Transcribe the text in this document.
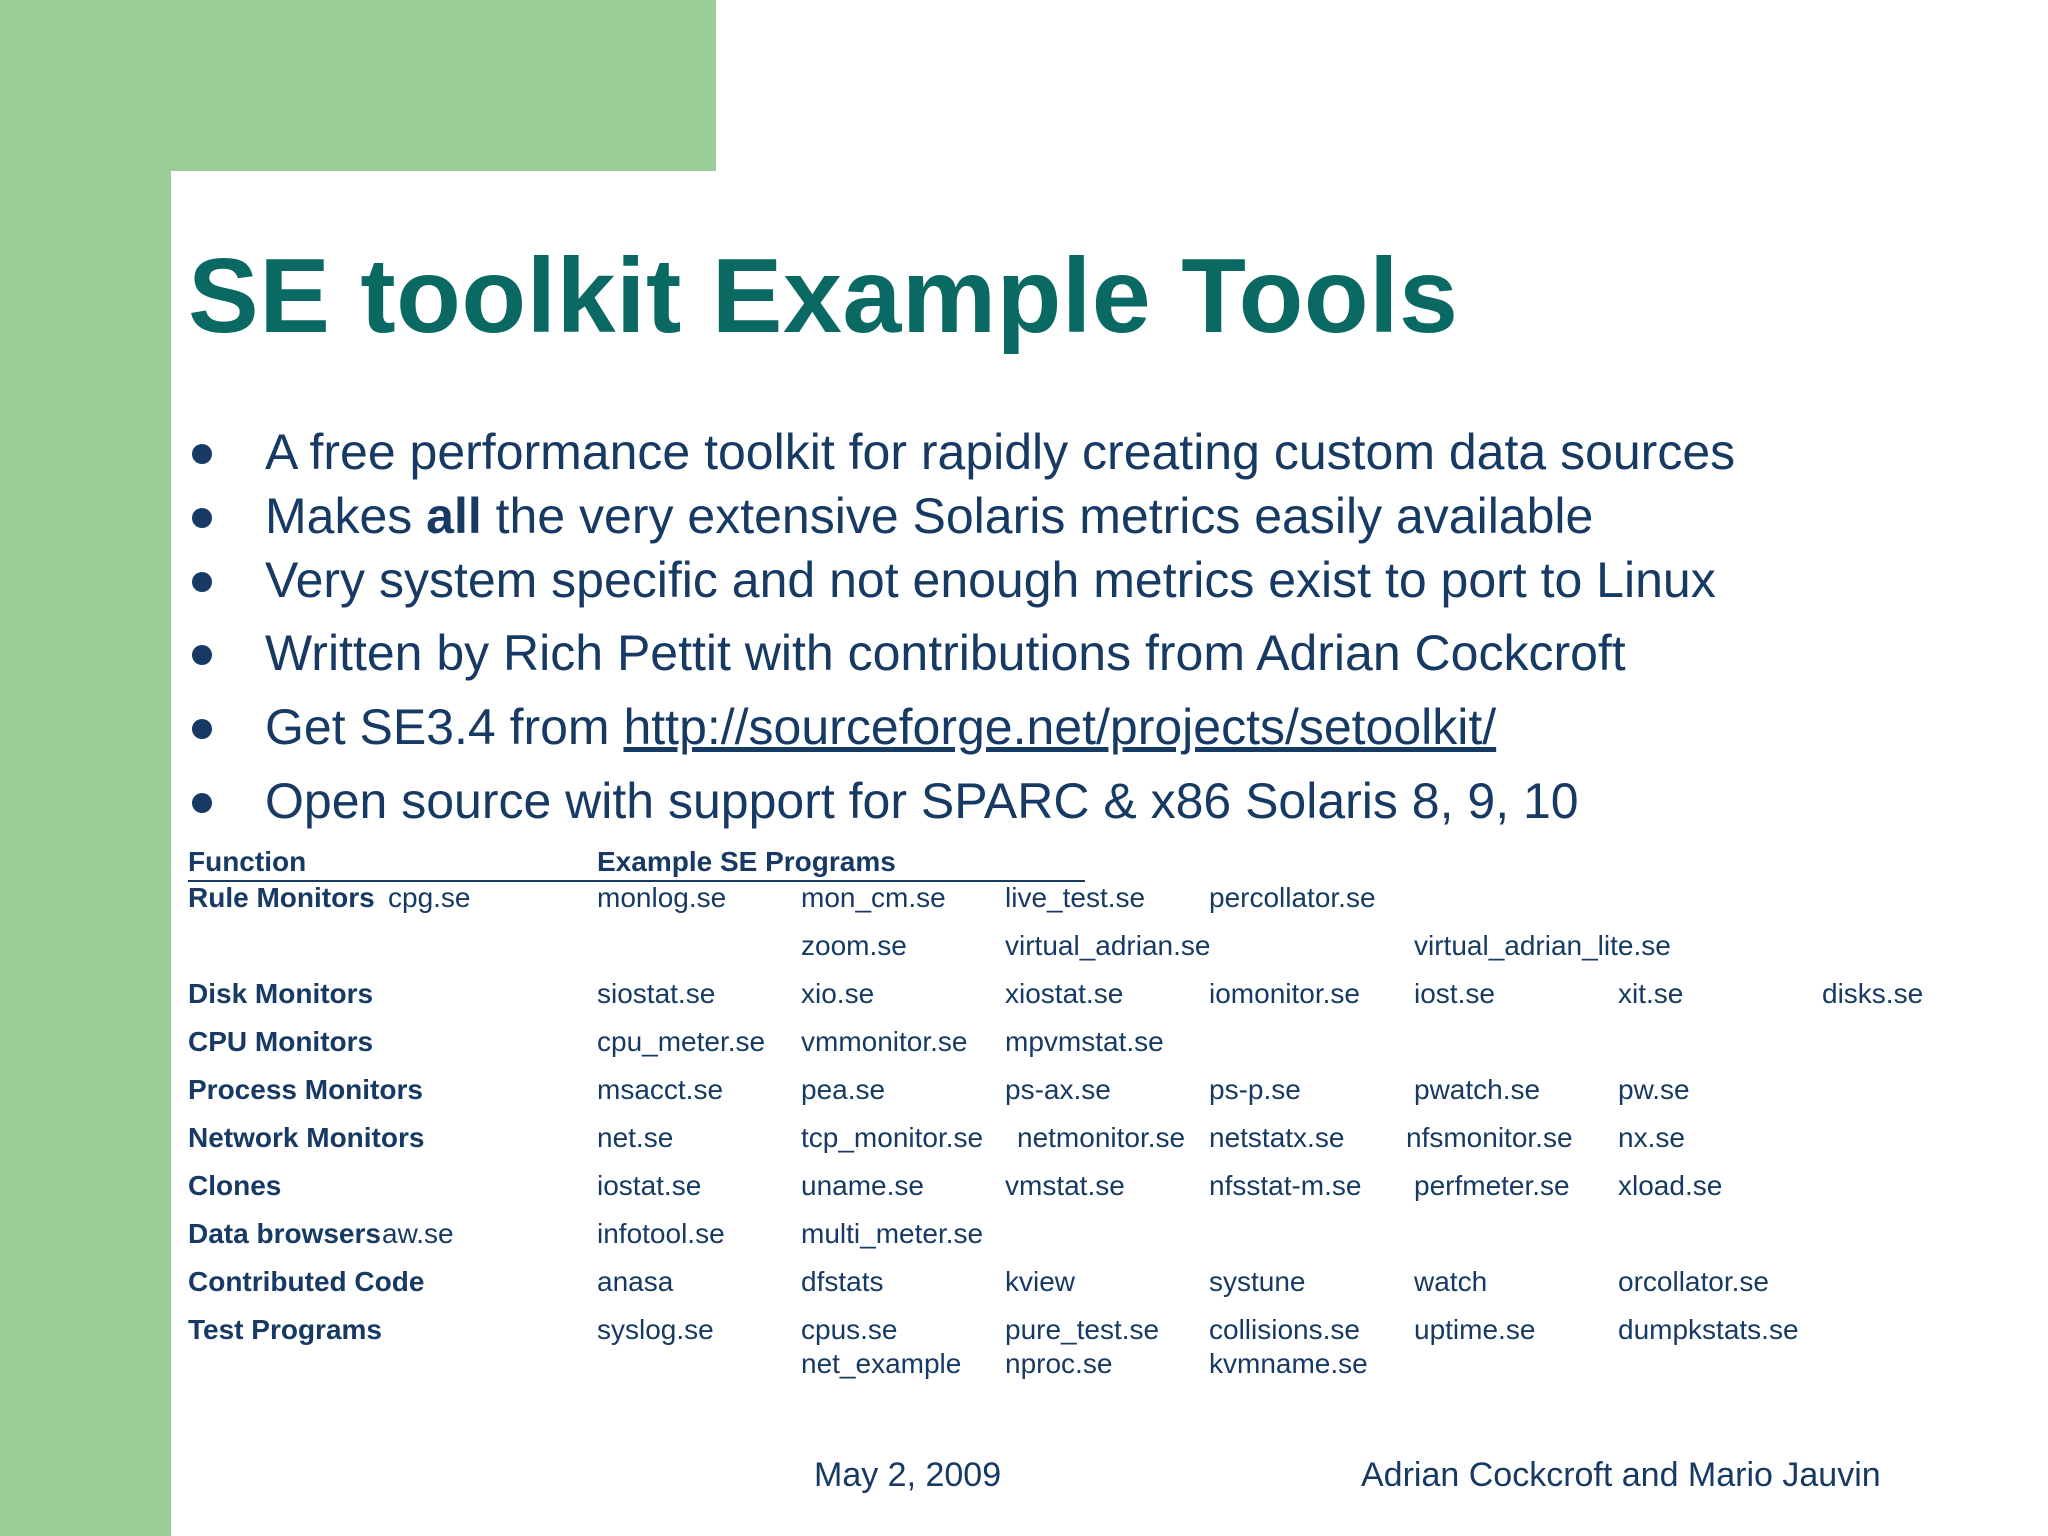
SE toolkit Example Tools
A free performance toolkit for rapidly creating custom data sources
Makes all the very extensive Solaris metrics easily available
Very system specific and not enough metrics exist to port to Linux
Written by Rich Pettit with contributions from Adrian Cockcroft
Get SE3.4 from http://sourceforge.net/projects/setoolkit/
Open source with support for SPARC & x86 Solaris 8, 9, 10
Function	Example SE Programs
Rule Monitors cpg.se	monlog.se	mon_cm.se live_test.se percollator.se
zoom.se	virtual_adrian.se	virtual_adrian_lite.se
Disk Monitors	siostat.se	xio.se	xiostat.se	iomonitor.se iost.se	xit.se	disks.se
CPU Monitors	cpu_meter.se vmmonitor.se mpvmstat.se
Process Monitors	msacct.se	pea.se	ps-ax.se	ps-p.se	pwatch.se	pw.se
Network Monitors	net.se	tcp_monitor.se netmonitor.se netstatx.se nfsmonitor.se nx.se
Clones	iostat.se	uname.se	vmstat.se	nfsstat-m.se perfmeter.se xload.se
Data browsers aw.se	infotool.se	multi_meter.se
Contributed Code	anasa	dfstats	kview	systune	watch	orcollator.se
Test Programs	syslog.se	cpus.se	pure_test.se collisions.se uptime.se	dumpkstats.se
net_example nproc.se	kvmname.se
May 2, 2009	Adrian Cockcroft and Mario Jauvin
